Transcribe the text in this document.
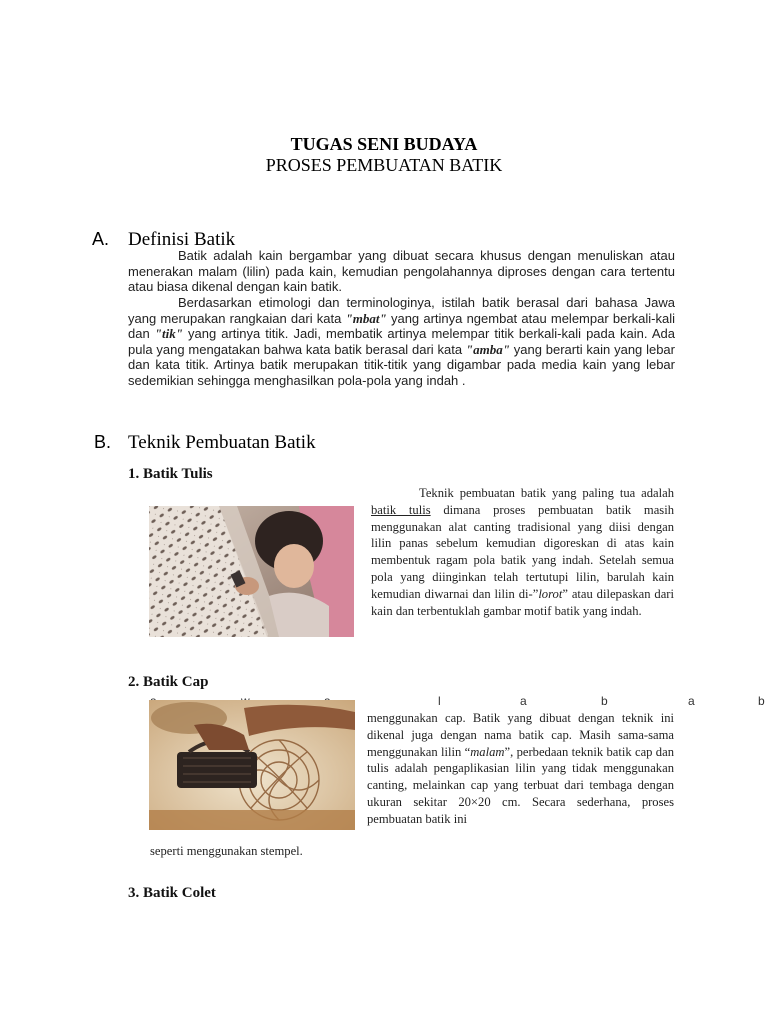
TUGAS SENI BUDAYA
PROSES PEMBUATAN BATIK
A. Definisi Batik

Batik adalah kain bergambar yang dibuat secara khusus dengan menuliskan atau menerakan malam (lilin) pada kain, kemudian pengolahannya diproses dengan cara tertentu atau biasa dikenal dengan kain batik.

Berdasarkan etimologi dan terminologinya, istilah batik berasal dari bahasa Jawa yang merupakan rangkaian dari kata "mbat" yang artinya ngembat atau melempar berkali-kali dan "tik" yang artinya titik. Jadi, membatik artinya melempar titik berkali-kali pada kain. Ada pula yang mengatakan bahwa kata batik berasal dari kata "amba" yang berarti kain yang lebar dan kata titik. Artinya batik merupakan titik-titik yang digambar pada media kain yang lebar sedemikian sehingga menghasilkan pola-pola yang indah .

B. Teknik Pembuatan Batik
1. Batik Tulis

Teknik pembuatan batik yang paling tua adalah batik tulis dimana proses pembuatan batik masih menggunakan alat canting tradisional yang diisi dengan lilin panas sebelum kemudian digoreskan di atas kain membentuk ragam pola batik yang indah. Setelah semua pola yang diinginkan telah tertutupi lilin, barulah kain kemudian diwarnai dan lilin di-”lorot” atau dilepaskan dari kain dan terbentuklah gambar motif batik yang indah.

2. Batik Cap
l	a	b	a	b

menggunakan cap. Batik yang dibuat dengan teknik ini dikenal juga dengan nama batik cap. Masih sama-sama menggunakan lilin “malam”, perbedaan teknik batik cap dan tulis adalah pengaplikasian lilin yang tidak menggunakan canting, melainkan cap yang terbuat dari tembaga dengan ukuran sekitar 20×20 cm. Secara sederhana, proses pembuatan batik ini

seperti menggunakan stempel.
3. Batik Colet
